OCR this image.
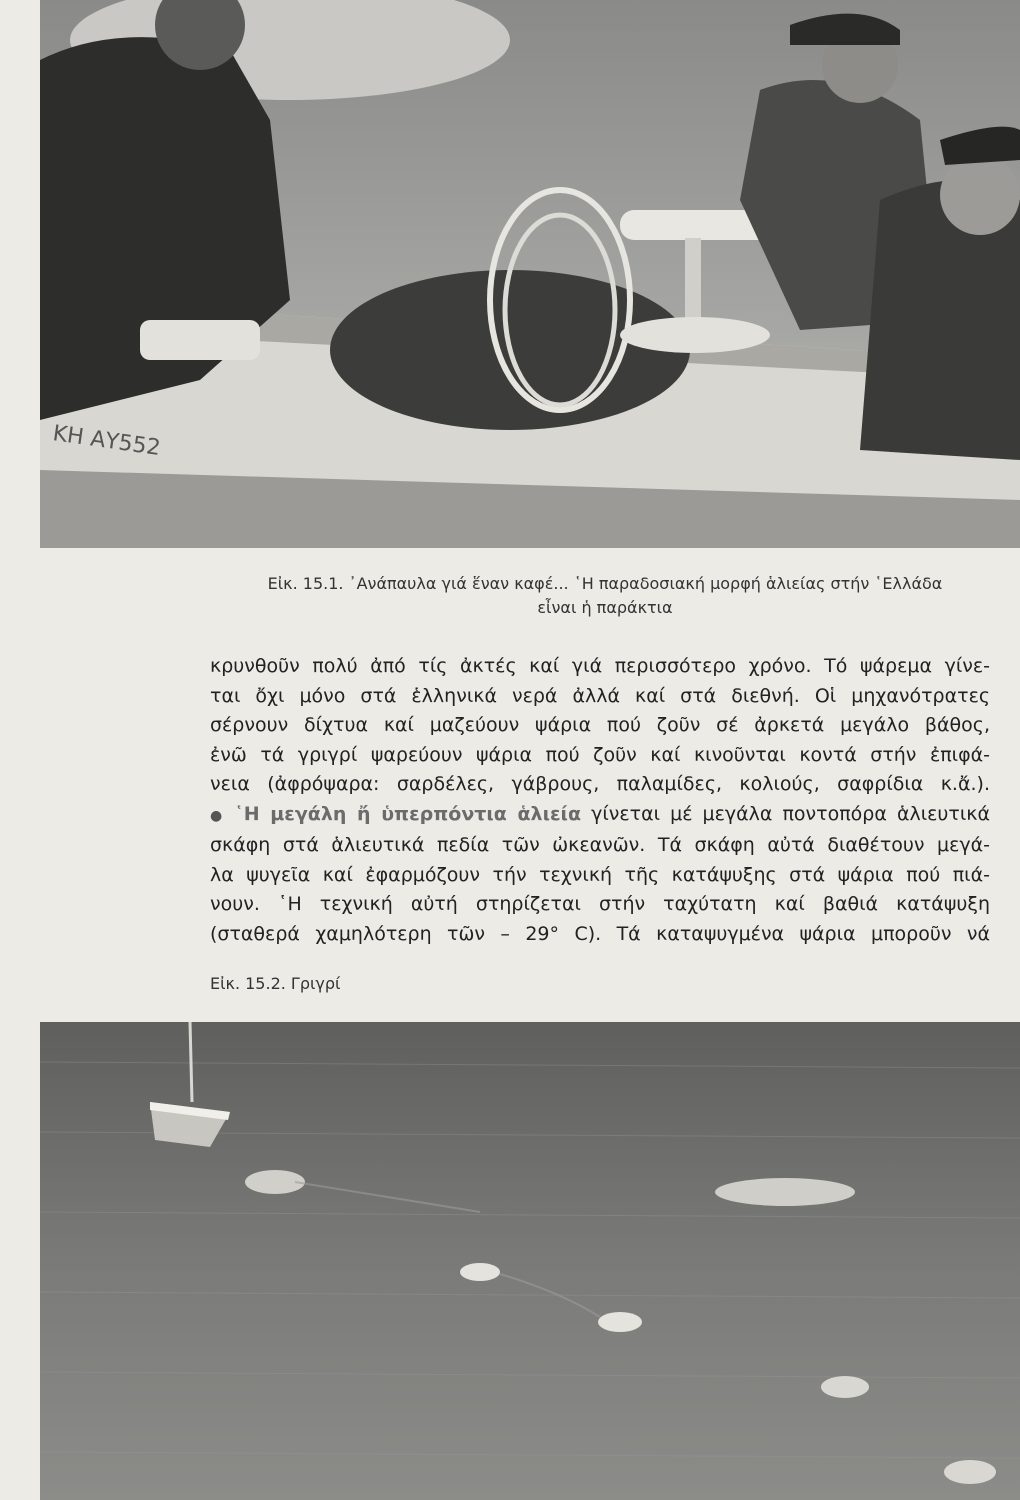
ΚΗ ΑΥ552
Εἰκ. 15.1. ᾽Ανάπαυλα γιά ἕναν καφέ... ῾Η παραδοσιακή μορφή ἁλιείας στήν ῾Ελλάδα
εἶναι ἡ παράκτια
κρυνθοῦν πολύ ἀπό τίς ἀκτές καί γιά περισσότερο χρόνο. Τό ψάρεμα γίνε-
ται ὄχι μόνο στά ἑλληνικά νερά ἀλλά καί στά διεθνή. Οἱ μηχανότρατες
σέρνουν δίχτυα καί μαζεύουν ψάρια πού ζοῦν σέ ἀρκετά μεγάλο βάθος,
ἐνῶ τά γριγρί ψαρεύουν ψάρια πού ζοῦν καί κινοῦνται κοντά στήν ἐπιφά-
νεια (ἀφρόψαρα: σαρδέλες, γάβρους, παλαμίδες, κολιούς, σαφρίδια κ.ἄ.).
● ῾Η μεγάλη ἤ ὑπερπόντια ἁλιεία γίνεται μέ μεγάλα ποντοπόρα ἁλιευτικά
σκάφη στά ἁλιευτικά πεδία τῶν ὠκεανῶν. Τά σκάφη αὐτά διαθέτουν μεγά-
λα ψυγεῖα καί ἐφαρμόζουν τήν τεχνική τῆς κατάψυξης στά ψάρια πού πιά-
νουν. ῾Η τεχνική αὐτή στηρίζεται στήν ταχύτατη καί βαθιά κατάψυξη
(σταθερά χαμηλότερη τῶν – 29° C). Τά καταψυγμένα ψάρια μποροῦν νά
Εἰκ. 15.2. Γριγρί
